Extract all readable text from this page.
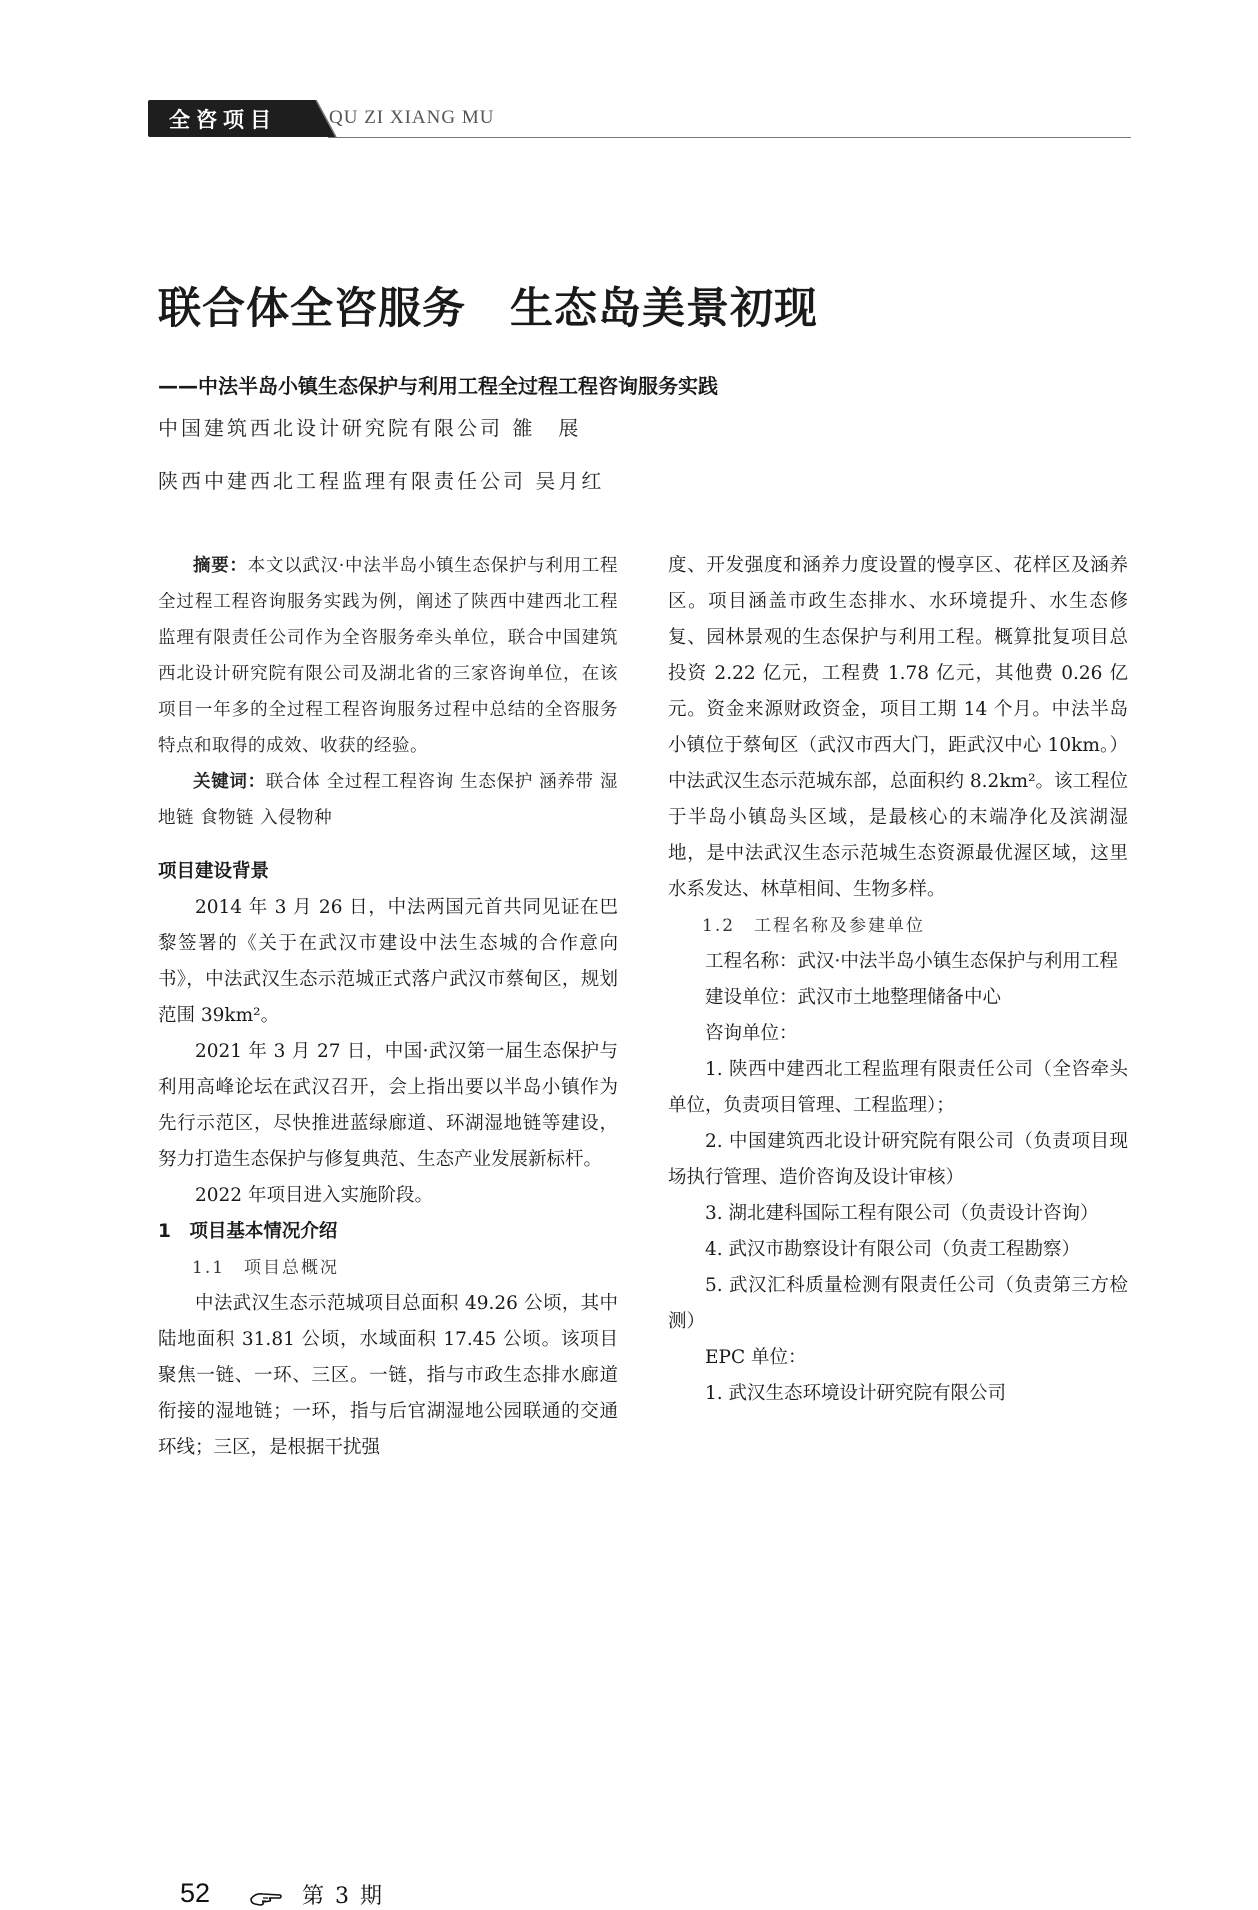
全咨项目	QU ZI XIANG MU
联合体全咨服务　生态岛美景初现
——中法半岛小镇生态保护与利用工程全过程工程咨询服务实践
中国建筑西北设计研究院有限公司 雒　展
陕西中建西北工程监理有限责任公司 吴月红

摘要：本文以武汉·中法半岛小镇生态保护与利用工程全过程工程咨询服务实践为例，阐述了陕西中建西北工程监理有限责任公司作为全咨服务牵头单位，联合中国建筑西北设计研究院有限公司及湖北省的三家咨询单位，在该项目一年多的全过程工程咨询服务过程中总结的全咨服务特点和取得的成效、收获的经验。

关键词：联合体 全过程工程咨询 生态保护 涵养带 湿地链 食物链 入侵物种

项目建设背景

2014 年 3 月 26 日，中法两国元首共同见证在巴黎签署的《关于在武汉市建设中法生态城的合作意向书》，中法武汉生态示范城正式落户武汉市蔡甸区，规划范围 39km²。

2021 年 3 月 27 日，中国·武汉第一届生态保护与利用高峰论坛在武汉召开，会上指出要以半岛小镇作为先行示范区，尽快推进蓝绿廊道、环湖湿地链等建设，努力打造生态保护与修复典范、生态产业发展新标杆。

2022 年项目进入实施阶段。

1　项目基本情况介绍

1.1　项目总概况

中法武汉生态示范城项目总面积 49.26 公顷，其中陆地面积 31.81 公顷，水域面积 17.45 公顷。该项目聚焦一链、一环、三区。一链，指与市政生态排水廊道衔接的湿地链；一环，指与后官湖湿地公园联通的交通环线；三区，是根据干扰强

度、开发强度和涵养力度设置的慢享区、花样区及涵养区。项目涵盖市政生态排水、水环境提升、水生态修复、园林景观的生态保护与利用工程。概算批复项目总投资 2.22 亿元，工程费 1.78 亿元，其他费 0.26 亿元。资金来源财政资金，项目工期 14 个月。中法半岛小镇位于蔡甸区（武汉市西大门，距武汉中心 10km。）中法武汉生态示范城东部，总面积约 8.2km²。该工程位于半岛小镇岛头区域，是最核心的末端净化及滨湖湿地，是中法武汉生态示范城生态资源最优渥区域，这里水系发达、林草相间、生物多样。

1.2　工程名称及参建单位

工程名称：武汉·中法半岛小镇生态保护与利用工程

建设单位：武汉市土地整理储备中心

咨询单位：

1. 陕西中建西北工程监理有限责任公司（全咨牵头单位，负责项目管理、工程监理）；

2. 中国建筑西北设计研究院有限公司（负责项目现场执行管理、造价咨询及设计审核）

3. 湖北建科国际工程有限公司（负责设计咨询）

4. 武汉市勘察设计有限公司（负责工程勘察）

5. 武汉汇科质量检测有限责任公司（负责第三方检测）

EPC 单位：

1. 武汉生态环境设计研究院有限公司

52	第 3 期
